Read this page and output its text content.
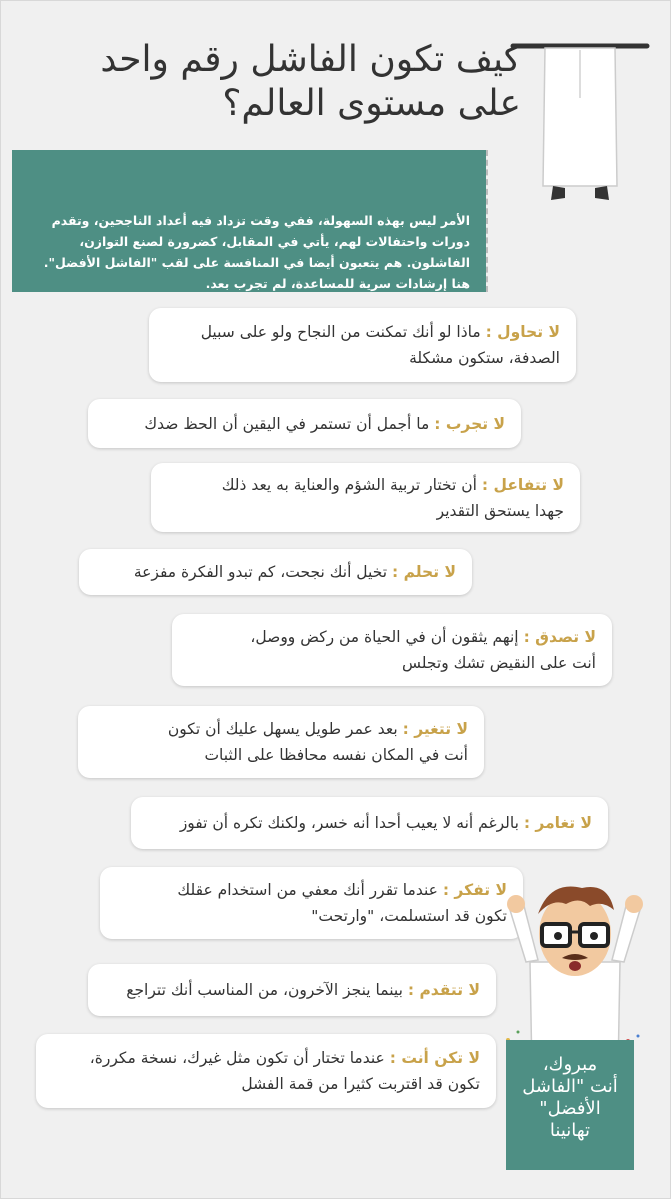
كيف تكون الفاشل رقم واحد
على مستوى العالم؟

الأمر ليس بهذه السهولة، ففي وقت تزداد فيه أعداد الناجحين، وتقدم دورات واحتفالات لهم، يأتي في المقابل، كضرورة لصنع التوازن، الفاشلون. هم يتعبون أيضا في المنافسة على لقب "الفاشل الأفضل". هنا إرشادات سرية للمساعدة، لم تجرب بعد.

لا تحاول : ماذا لو أنك تمكنت من النجاح ولو على سبيل
الصدفة، ستكون مشكلة
لا تجرب : ما أجمل أن تستمر في اليقين أن الحظ ضدك
لا تتفاعل : أن تختار تربية الشؤم والعناية به يعد ذلك
جهدا يستحق التقدير
لا تحلم : تخيل أنك نجحت، كم تبدو الفكرة مفزعة
لا تصدق : إنهم يثقون أن في الحياة من ركض ووصل،
أنت على النقيض تشك وتجلس
لا تتغير : بعد عمر طويل يسهل عليك أن تكون
أنت في المكان نفسه محافظا على الثبات
لا تغامر : بالرغم أنه لا يعيب أحدا أنه خسر، ولكنك تكره أن تفوز
لا تفكر : عندما تقرر أنك معفي من استخدام عقلك
تكون قد استسلمت، "وارتحت"
لا تتقدم : بينما ينجز الآخرون، من المناسب أنك تتراجع
لا تكن أنت : عندما تختار أن تكون مثل غيرك، نسخة مكررة،
تكون قد اقتربت كثيرا من قمة الفشل
مبروك،
أنت "الفاشل
الأفضل"
تهانينا
